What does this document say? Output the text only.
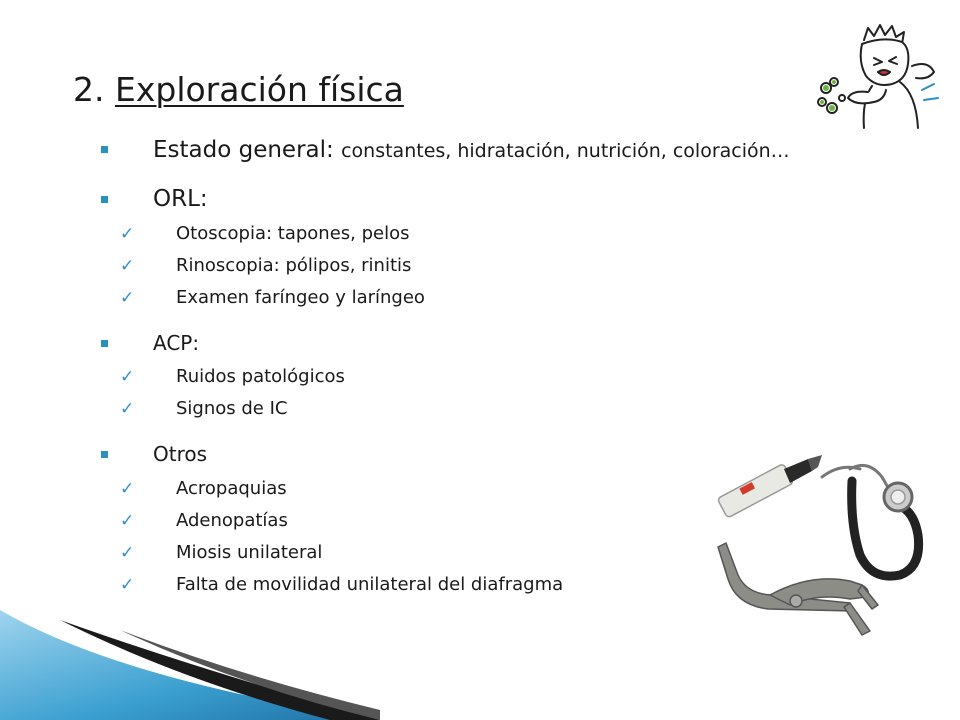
2. Exploración física
Estado general: constantes, hidratación, nutrición, coloración…
ORL:
✓ Otoscopia: tapones, pelos
✓ Rinoscopia: pólipos, rinitis
✓ Examen faríngeo y laríngeo
ACP:
✓ Ruidos patológicos
✓ Signos de IC
Otros
✓ Acropaquias
✓ Adenopatías
✓ Miosis unilateral
✓ Falta de movilidad unilateral del diafragma
